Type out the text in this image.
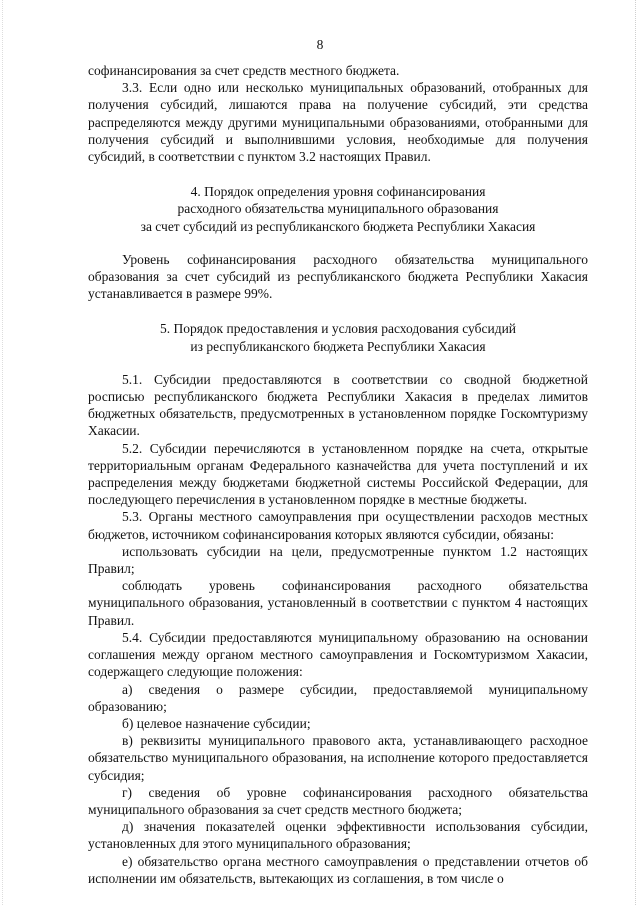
8

софинансирования за счет средств местного бюджета.

3.3. Если одно или несколько муниципальных образований, отобранных для получения субсидий, лишаются права на получение субсидий, эти средства распределяются между другими муниципальными образованиями, отобранными для получения субсидий и выполнившими условия, необходимые для получения субсидий, в соответствии с пунктом 3.2 настоящих Правил.

4. Порядок определения уровня софинансирования
расходного обязательства муниципального образования
за счет субсидий из республиканского бюджета Республики Хакасия

Уровень софинансирования расходного обязательства муниципального образования за счет субсидий из республиканского бюджета Республики Хакасия устанавливается в размере 99%.

5. Порядок предоставления и условия расходования субсидий
из республиканского бюджета Республики Хакасия

5.1. Субсидии предоставляются в соответствии со сводной бюджетной росписью республиканского бюджета Республики Хакасия в пределах лимитов бюджетных обязательств, предусмотренных в установленном порядке Госкомтуризму Хакасии.

5.2. Субсидии перечисляются в установленном порядке на счета, открытые территориальным органам Федерального казначейства для учета поступлений и их распределения между бюджетами бюджетной системы Российской Федерации, для последующего перечисления в установленном порядке в местные бюджеты.

5.3. Органы местного самоуправления при осуществлении расходов местных бюджетов, источником софинансирования которых являются субсидии, обязаны:

использовать субсидии на цели, предусмотренные пунктом 1.2 настоящих Правил;

соблюдать уровень софинансирования расходного обязательства муниципального образования, установленный в соответствии с пунктом 4 настоящих Правил.

5.4. Субсидии предоставляются муниципальному образованию на основании соглашения между органом местного самоуправления и Госкомтуризмом Хакасии, содержащего следующие положения:

а) сведения о размере субсидии, предоставляемой муниципальному образованию;

б) целевое назначение субсидии;

в) реквизиты муниципального правового акта, устанавливающего расходное обязательство муниципального образования, на исполнение которого предоставляется субсидия;

г) сведения об уровне софинансирования расходного обязательства муниципального образования за счет средств местного бюджета;

д) значения показателей оценки эффективности использования субсидии, установленных для этого муниципального образования;

е) обязательство органа местного самоуправления о представлении отчетов об исполнении им обязательств, вытекающих из соглашения, в том числе о
